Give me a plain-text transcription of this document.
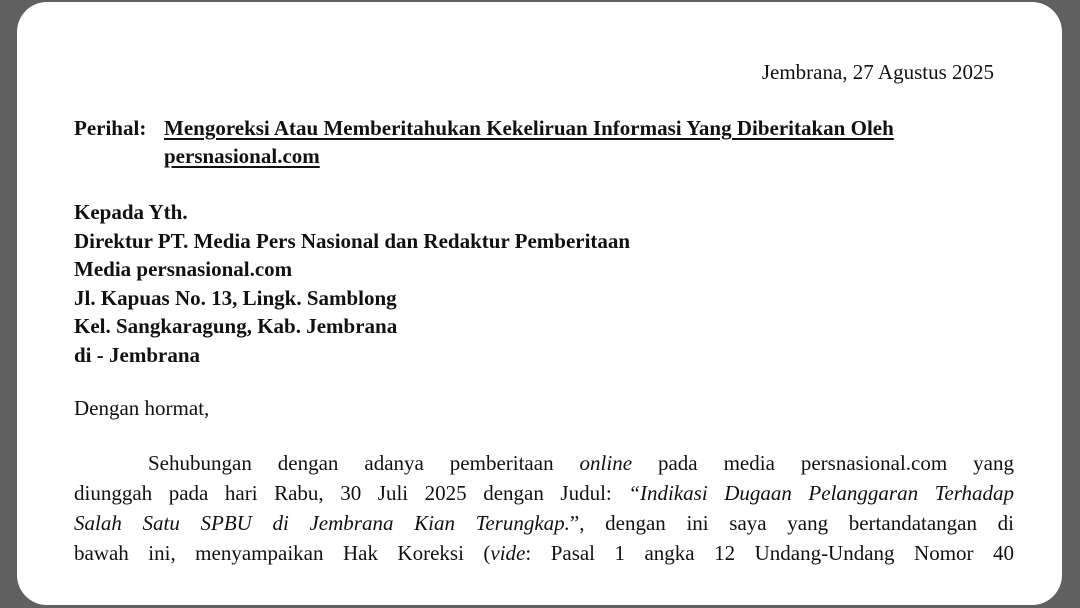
Jembrana, 27 Agustus 2025
Perihal: Mengoreksi Atau Memberitahukan Kekeliruan Informasi Yang Diberitakan Oleh
persnasional.com
Kepada Yth.
Direktur PT. Media Pers Nasional dan Redaktur Pemberitaan
Media persnasional.com
Jl. Kapuas No. 13, Lingk. Samblong
Kel. Sangkaragung, Kab. Jembrana
di - Jembrana
Dengan hormat,
Sehubungan dengan adanya pemberitaan online pada media persnasional.com yang
diunggah pada hari Rabu, 30 Juli 2025 dengan Judul: “Indikasi Dugaan Pelanggaran Terhadap
Salah Satu SPBU di Jembrana Kian Terungkap.”, dengan ini saya yang bertandatangan di
bawah ini, menyampaikan Hak Koreksi (vide: Pasal 1 angka 12 Undang-Undang Nomor 40
